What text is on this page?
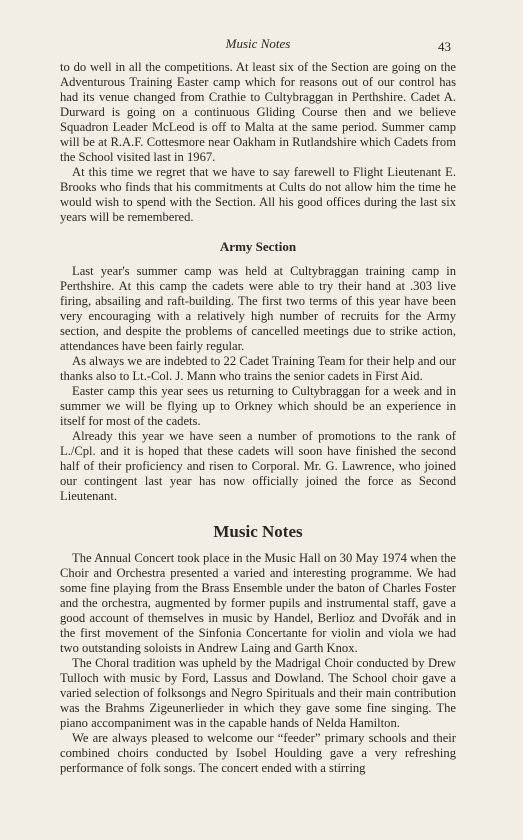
Music Notes	43

to do well in all the competitions. At least six of the Section are going on the Adventurous Training Easter camp which for reasons out of our control has had its venue changed from Crathie to Cultybraggan in Perthshire. Cadet A. Durward is going on a continuous Gliding Course then and we believe Squadron Leader McLeod is off to Malta at the same period. Summer camp will be at R.A.F. Cottesmore near Oakham in Rutlandshire which Cadets from the School visited last in 1967.

At this time we regret that we have to say farewell to Flight Lieutenant E. Brooks who finds that his commitments at Cults do not allow him the time he would wish to spend with the Section. All his good offices during the last six years will be remembered.

Army Section

Last year's summer camp was held at Cultybraggan training camp in Perthshire. At this camp the cadets were able to try their hand at .303 live firing, absailing and raft-building. The first two terms of this year have been very encouraging with a relatively high number of recruits for the Army section, and despite the problems of cancelled meetings due to strike action, attendances have been fairly regular.

As always we are indebted to 22 Cadet Training Team for their help and our thanks also to Lt.-Col. J. Mann who trains the senior cadets in First Aid.

Easter camp this year sees us returning to Cultybraggan for a week and in summer we will be flying up to Orkney which should be an experience in itself for most of the cadets.

Already this year we have seen a number of promotions to the rank of L./Cpl. and it is hoped that these cadets will soon have finished the second half of their proficiency and risen to Corporal. Mr. G. Lawrence, who joined our contingent last year has now officially joined the force as Second Lieutenant.

Music Notes

The Annual Concert took place in the Music Hall on 30 May 1974 when the Choir and Orchestra presented a varied and interesting programme. We had some fine playing from the Brass Ensemble under the baton of Charles Foster and the orchestra, augmented by former pupils and instrumental staff, gave a good account of themselves in music by Handel, Berlioz and Dvořák and in the first movement of the Sinfonia Concertante for violin and viola we had two outstanding soloists in Andrew Laing and Garth Knox.

The Choral tradition was upheld by the Madrigal Choir conducted by Drew Tulloch with music by Ford, Lassus and Dowland. The School choir gave a varied selection of folksongs and Negro Spirituals and their main contribution was the Brahms Zigeunerlieder in which they gave some fine singing. The piano accompaniment was in the capable hands of Nelda Hamilton.

We are always pleased to welcome our “feeder” primary schools and their combined choirs conducted by Isobel Houlding gave a very refreshing performance of folk songs. The concert ended with a stirring
